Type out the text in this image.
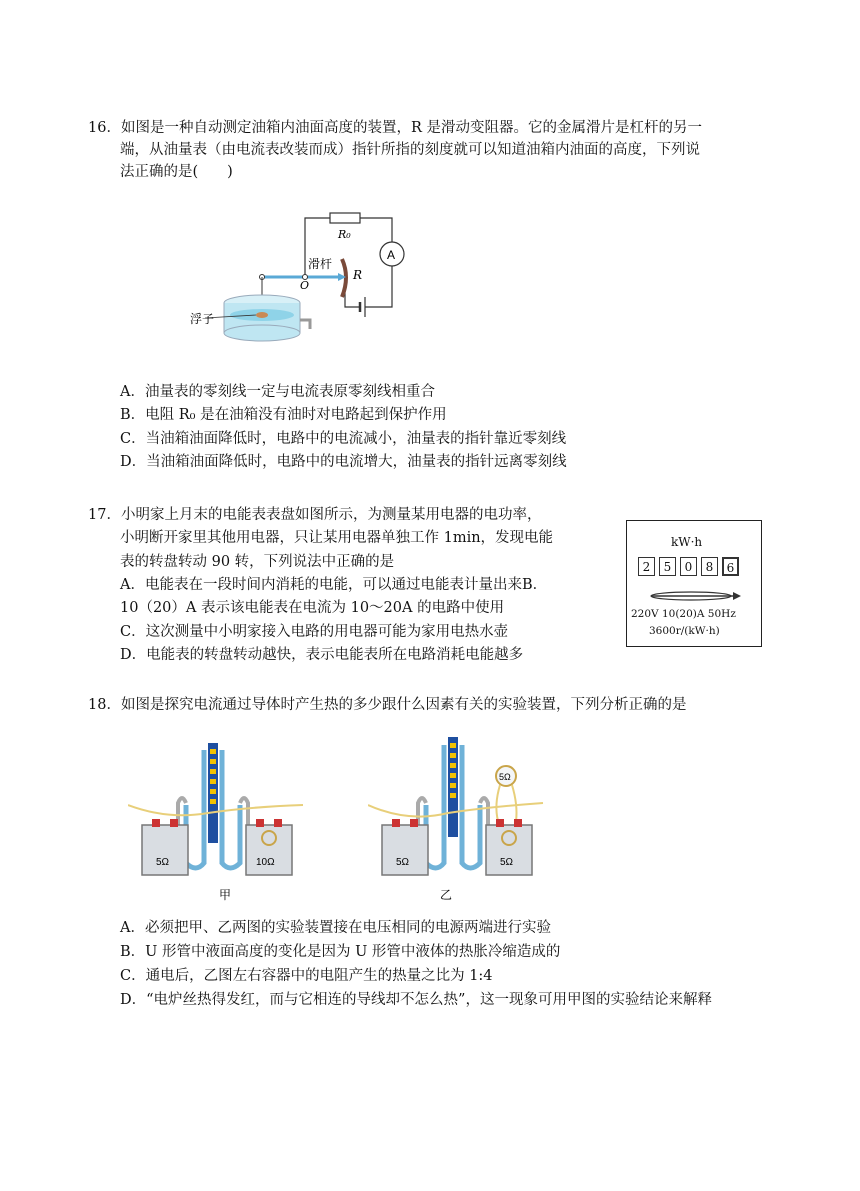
16．如图是一种自动测定油箱内油面高度的装置，R 是滑动变阻器。它的金属滑片是杠杆的另一
端，从油量表（由电流表改装而成）指针所指的刻度就可以知道油箱内油面的高度，下列说
法正确的是(　　)
A
R₀
滑杆
O
R
浮子
A．油量表的零刻线一定与电流表原零刻线相重合
B．电阻 R₀ 是在油箱没有油时对电路起到保护作用
C．当油箱油面降低时，电路中的电流减小，油量表的指针靠近零刻线
D．当油箱油面降低时，电路中的电流增大，油量表的指针远离零刻线
17．小明家上月末的电能表表盘如图所示，为测量某用电器的电功率，
小明断开家里其他用电器，只让某用电器单独工作 1min，发现电能
表的转盘转动 90 转，下列说法中正确的是
A．电能表在一段时间内消耗的电能，可以通过电能表计量出来B．
10（20）A 表示该电能表在电流为 10～20A 的电路中使用
C．这次测量中小明家接入电路的用电器可能为家用电热水壶
D．电能表的转盘转动越快，表示电能表所在电路消耗电能越多
kW·h
2	5	0	8	6
220V 10(20)A 50Hz
3600r/(kW·h)
18．如图是探究电流通过导体时产生热的多少跟什么因素有关的实验装置，下列分析正确的是
5Ω	10Ω
甲
5Ω
5Ω	5Ω
乙
A．必须把甲、乙两图的实验装置接在电压相同的电源两端进行实验
B．U 形管中液面高度的变化是因为 U 形管中液体的热胀冷缩造成的
C．通电后，乙图左右容器中的电阻产生的热量之比为 1:4
D．“电炉丝热得发红，而与它相连的导线却不怎么热”，这一现象可用甲图的实验结论来解释
